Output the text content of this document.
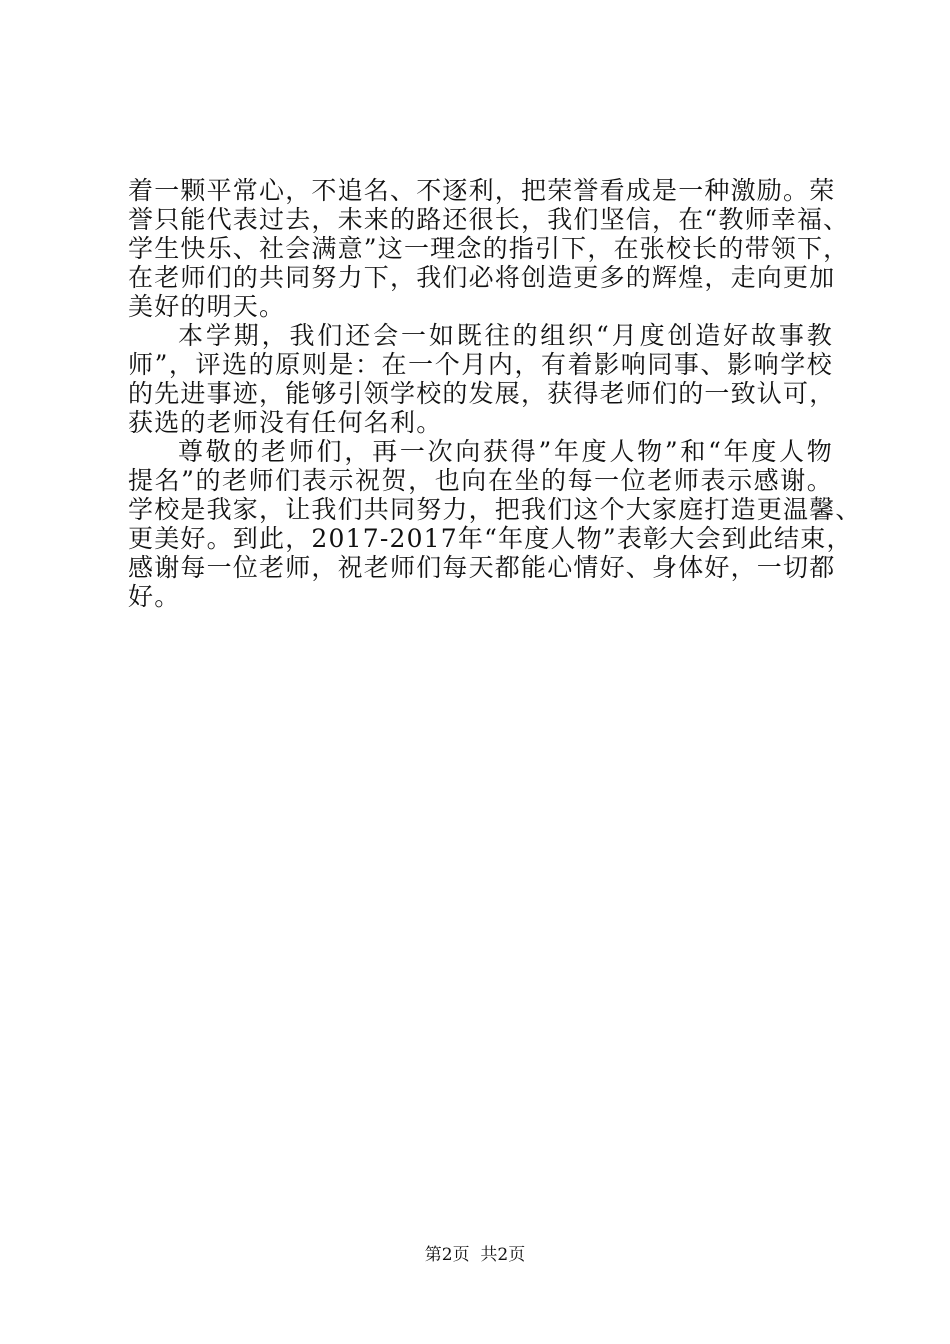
着一颗平常心，不追名、不逐利，把荣誉看成是一种激励。荣
誉只能代表过去，未来的路还很长，我们坚信，在“教师幸福、
学生快乐、社会满意”这一理念的指引下，在张校长的带领下，
在老师们的共同努力下，我们必将创造更多的辉煌，走向更加
美好的明天。
本学期，我们还会一如既往的组织“月度创造好故事教
师”，评选的原则是：在一个月内，有着影响同事、影响学校
的先进事迹，能够引领学校的发展，获得老师们的一致认可，
获选的老师没有任何名利。
尊敬的老师们，再一次向获得”年度人物”和“年度人物
提名”的老师们表示祝贺，也向在坐的每一位老师表示感谢。
学校是我家，让我们共同努力，把我们这个大家庭打造更温馨、
更美好。到此，2017-2017年“年度人物”表彰大会到此结束，
感谢每一位老师，祝老师们每天都能心情好、身体好，一切都
好。
第2页 共2页
